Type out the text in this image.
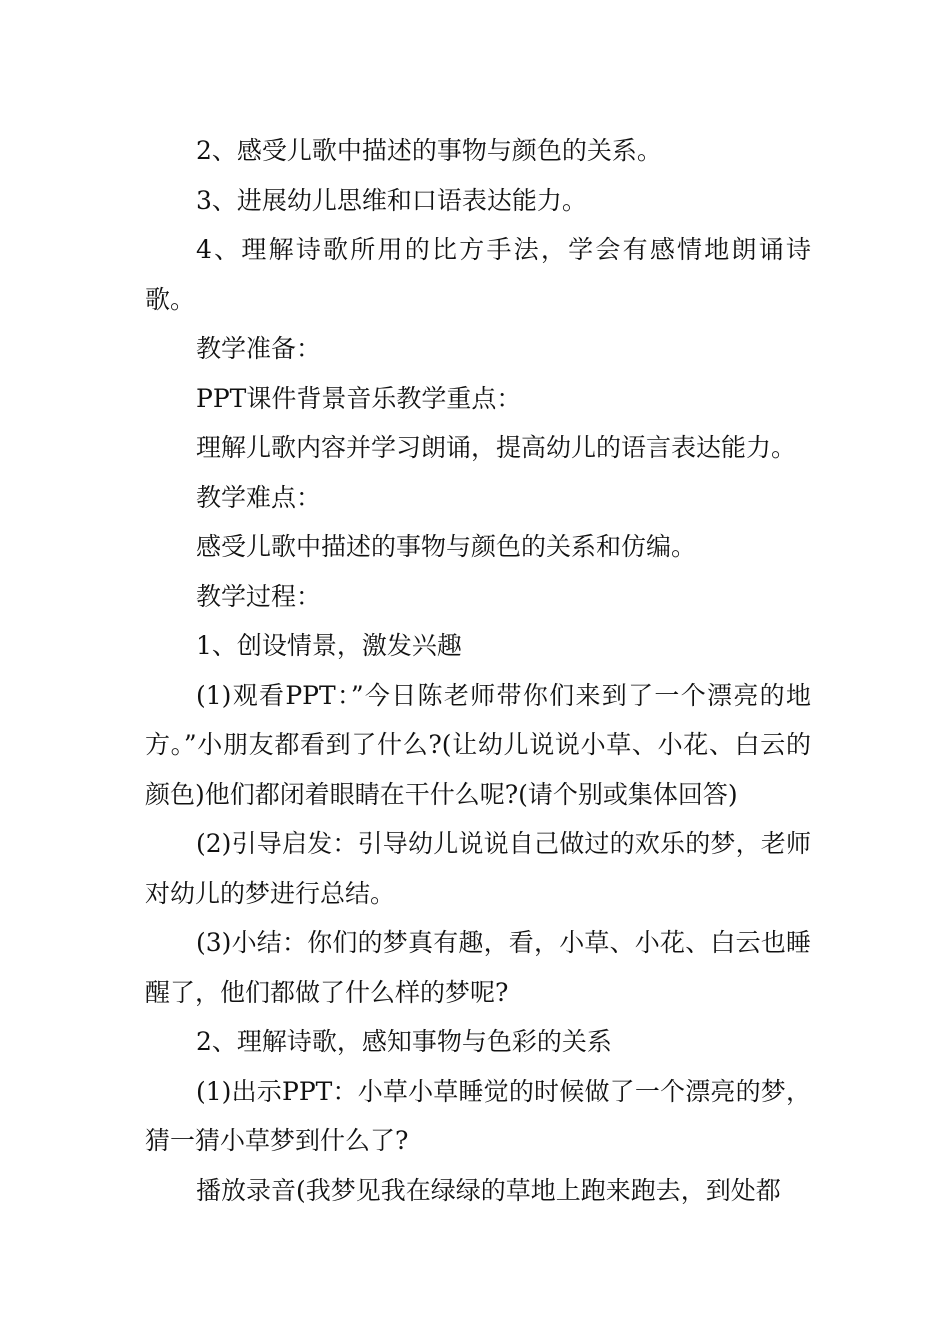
2、感受儿歌中描述的事物与颜色的关系。

3、进展幼儿思维和口语表达能力。

4、理解诗歌所用的比方手法，学会有感情地朗诵诗歌。

教学准备：

PPT课件背景音乐教学重点：

理解儿歌内容并学习朗诵，提高幼儿的语言表达能力。

教学难点：

感受儿歌中描述的事物与颜色的关系和仿编。

教学过程：

1、创设情景，激发兴趣

(1)观看PPT：”今日陈老师带你们来到了一个漂亮的地方。”小朋友都看到了什么?(让幼儿说说小草、小花、白云的颜色)他们都闭着眼睛在干什么呢?(请个别或集体回答)

(2)引导启发：引导幼儿说说自己做过的欢乐的梦，老师对幼儿的梦进行总结。

(3)小结：你们的梦真有趣，看，小草、小花、白云也睡醒了，他们都做了什么样的梦呢?

2、理解诗歌，感知事物与色彩的关系

(1)出示PPT：小草小草睡觉的时候做了一个漂亮的梦，猜一猜小草梦到什么了?

播放录音(我梦见我在绿绿的草地上跑来跑去，到处都
